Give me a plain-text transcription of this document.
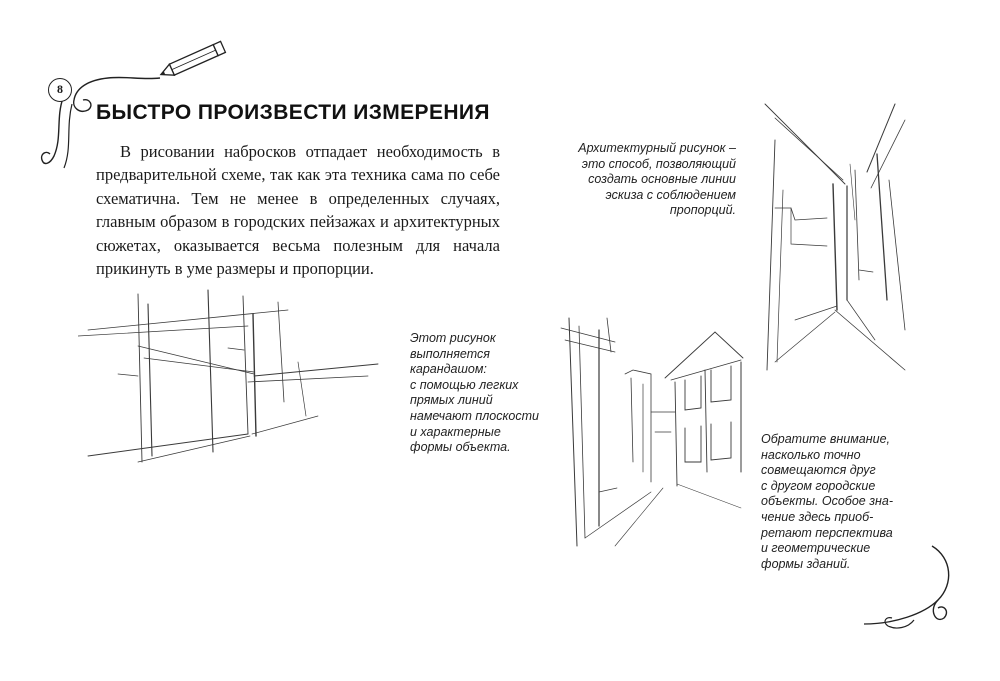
8
БЫСТРО ПРОИЗВЕСТИ ИЗМЕРЕНИЯ

В рисовании набросков отпадает необходимость в предварительной схеме, так как эта техника сама по себе схематична. Тем не менее в определенных случаях, главным образом в городских пейзажах и архитектурных сюжетах, оказывается весьма полезным для начала прикинуть в уме размеры и пропорции.

Этот рисунок
выполняется
карандашом:
с помощью легких
прямых линий
намечают плоскости
и характерные
формы объекта.

Архитектурный рисунок –
это способ, позволяющий
создать основные линии
эскиза с соблюдением
пропорций.

Обратите внимание,
насколько точно
совмещаются друг
с другом городские
объекты. Особое зна-
чение здесь приоб-
ретают перспектива
и геометрические
формы зданий.
